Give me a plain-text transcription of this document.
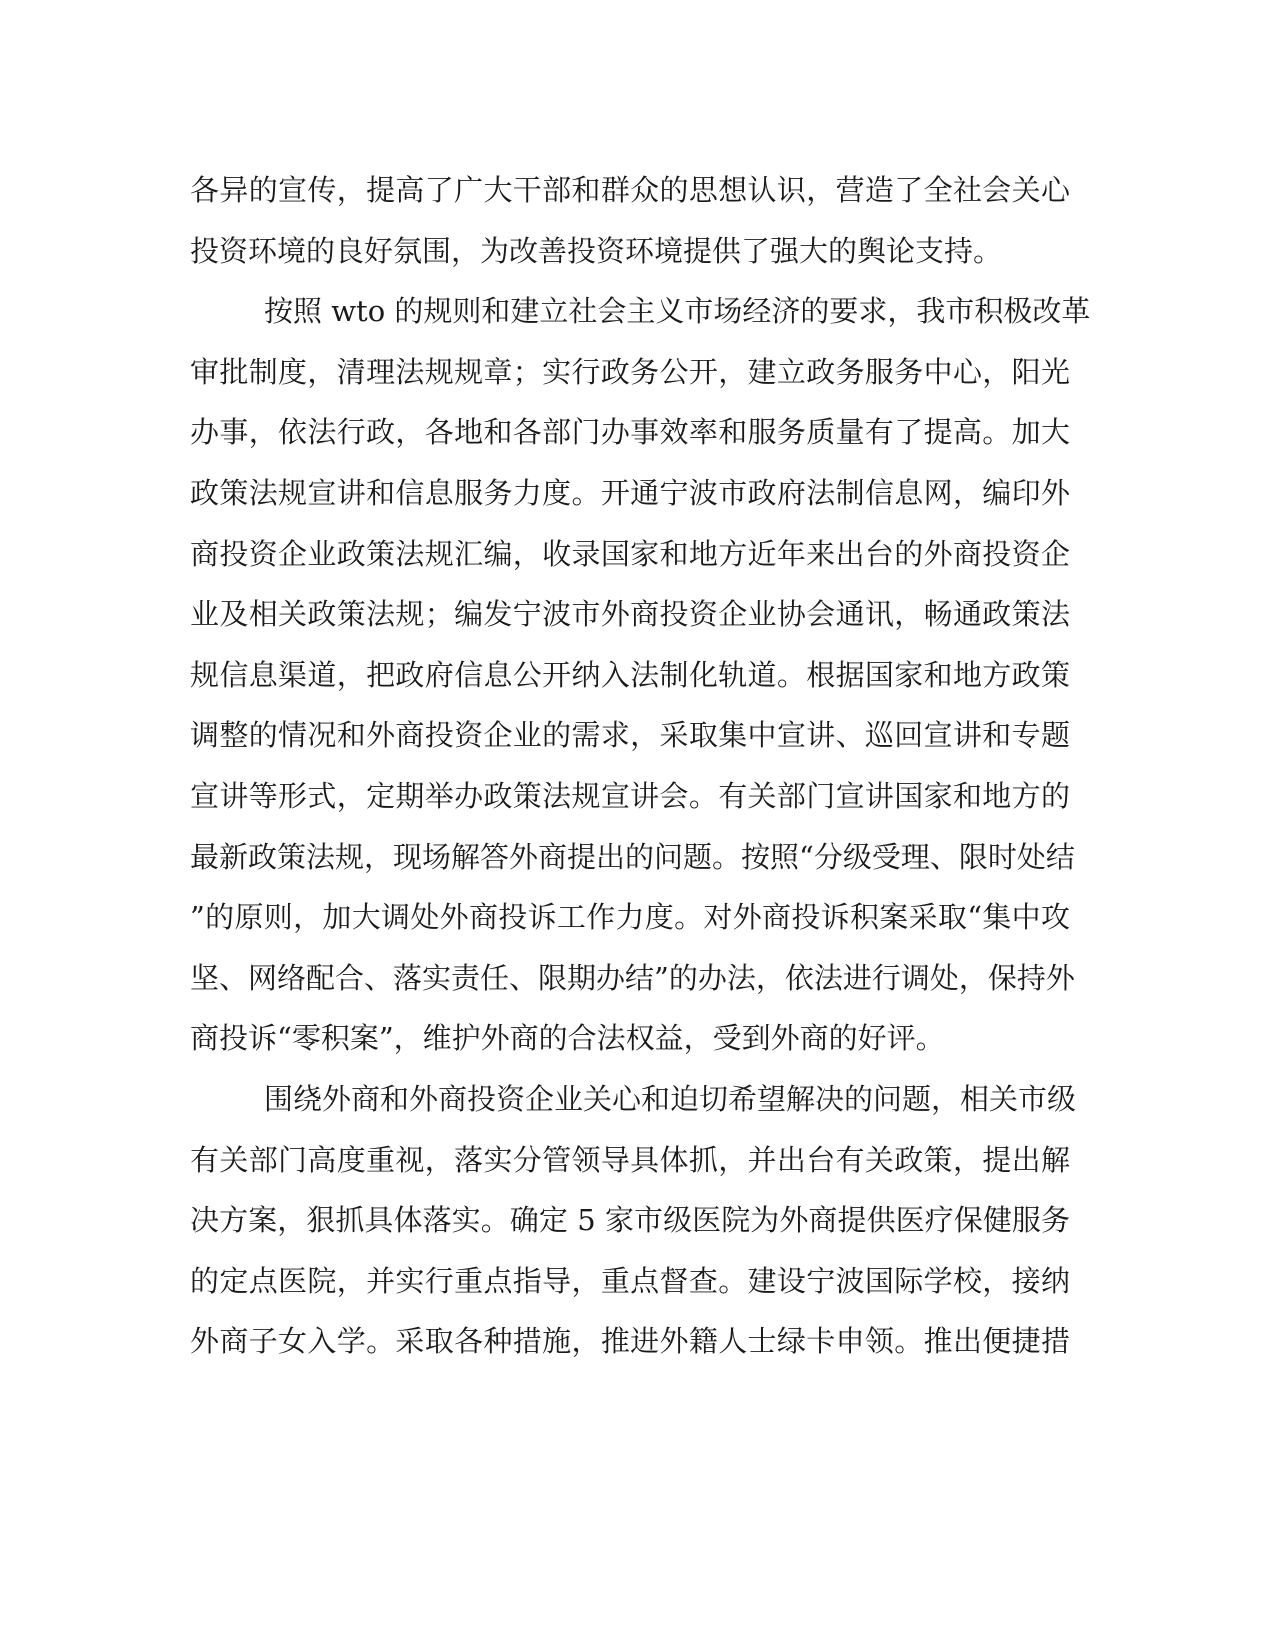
各异的宣传，提高了广大干部和群众的思想认识，营造了全社会关心
投资环境的良好氛围，为改善投资环境提供了强大的舆论支持。
按照 wto 的规则和建立社会主义市场经济的要求，我市积极改革
审批制度，清理法规规章；实行政务公开，建立政务服务中心，阳光
办事，依法行政，各地和各部门办事效率和服务质量有了提高。加大
政策法规宣讲和信息服务力度。开通宁波市政府法制信息网，编印外
商投资企业政策法规汇编，收录国家和地方近年来出台的外商投资企
业及相关政策法规；编发宁波市外商投资企业协会通讯，畅通政策法
规信息渠道，把政府信息公开纳入法制化轨道。根据国家和地方政策
调整的情况和外商投资企业的需求，采取集中宣讲、巡回宣讲和专题
宣讲等形式，定期举办政策法规宣讲会。有关部门宣讲国家和地方的
最新政策法规，现场解答外商提出的问题。按照“分级受理、限时处结
”的原则，加大调处外商投诉工作力度。对外商投诉积案采取“集中攻
坚、网络配合、落实责任、限期办结”的办法，依法进行调处，保持外
商投诉“零积案”，维护外商的合法权益，受到外商的好评。
围绕外商和外商投资企业关心和迫切希望解决的问题，相关市级
有关部门高度重视，落实分管领导具体抓，并出台有关政策，提出解
决方案，狠抓具体落实。确定 5 家市级医院为外商提供医疗保健服务
的定点医院，并实行重点指导，重点督查。建设宁波国际学校，接纳
外商子女入学。采取各种措施，推进外籍人士绿卡申领。推出便捷措
